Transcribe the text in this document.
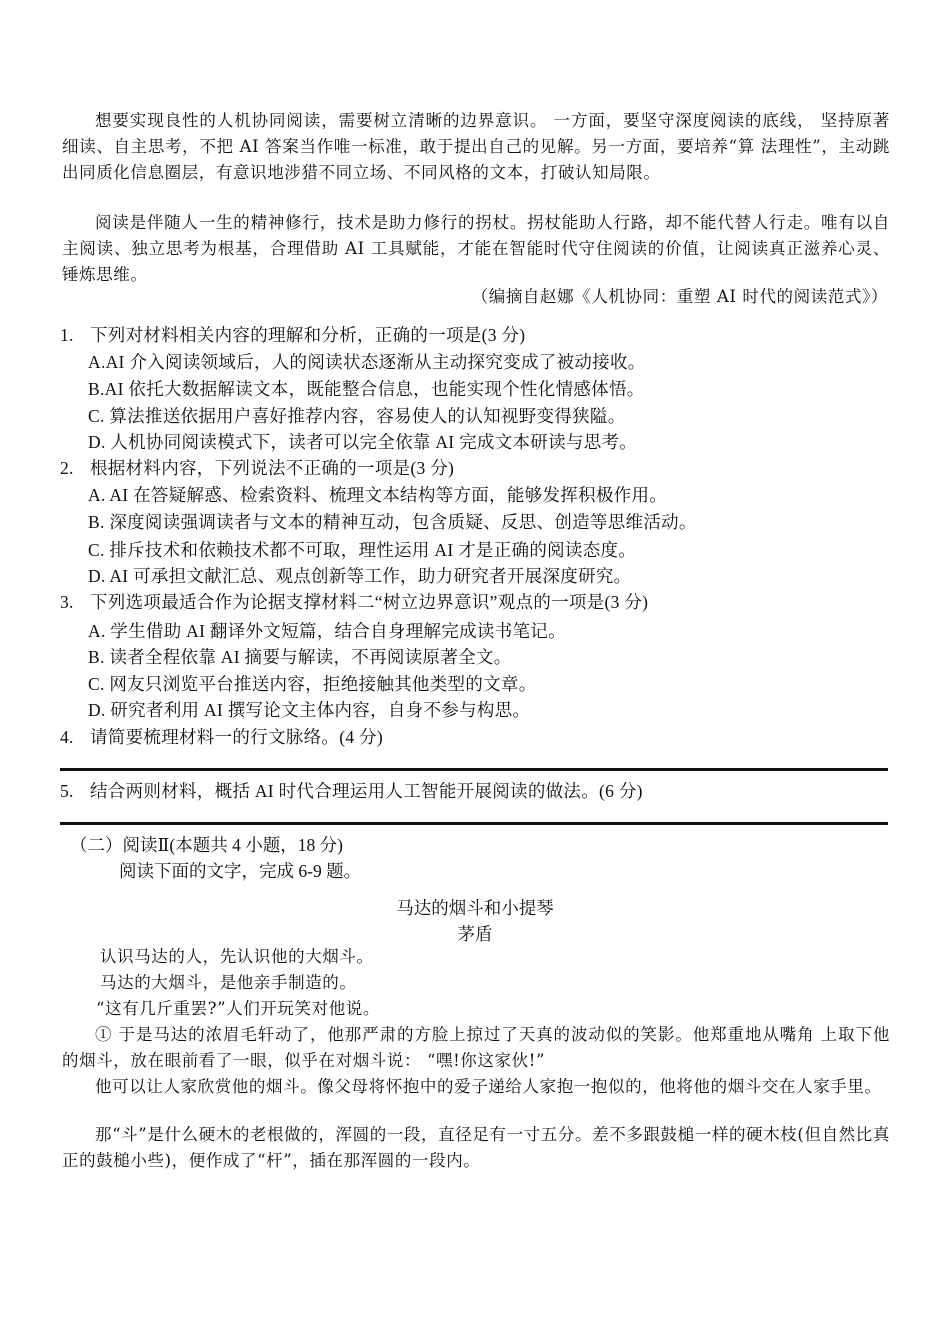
想要实现良性的人机协同阅读，需要树立清晰的边界意识。 一方面，要坚守深度阅读的底线， 坚持原著细读、自主思考，不把 AI 答案当作唯一标准，敢于提出自己的见解。另一方面，要培养“算 法理性”，主动跳出同质化信息圈层，有意识地涉猎不同立场、不同风格的文本，打破认知局限。
阅读是伴随人一生的精神修行，技术是助力修行的拐杖。拐杖能助人行路，却不能代替人行走。唯有以自主阅读、独立思考为根基，合理借助 AI 工具赋能，才能在智能时代守住阅读的价值，让阅读真正滋养心灵、锤炼思维。
（编摘自赵娜《人机协同：重塑 AI 时代的阅读范式》）
1. 下列对材料相关内容的理解和分析，正确的一项是(3 分)
A.AI 介入阅读领域后，人的阅读状态逐渐从主动探究变成了被动接收。
B.AI 依托大数据解读文本，既能整合信息，也能实现个性化情感体悟。
C. 算法推送依据用户喜好推荐内容，容易使人的认知视野变得狭隘。
D. 人机协同阅读模式下，读者可以完全依靠 AI 完成文本研读与思考。
2. 根据材料内容，下列说法不正确的一项是(3 分)
A. AI 在答疑解惑、检索资料、梳理文本结构等方面，能够发挥积极作用。
B. 深度阅读强调读者与文本的精神互动，包含质疑、反思、创造等思维活动。
C. 排斥技术和依赖技术都不可取，理性运用 AI 才是正确的阅读态度。
D. AI 可承担文献汇总、观点创新等工作，助力研究者开展深度研究。
3. 下列选项最适合作为论据支撑材料二“树立边界意识”观点的一项是(3 分)
A. 学生借助 AI 翻译外文短篇，结合自身理解完成读书笔记。
B. 读者全程依靠 AI 摘要与解读，不再阅读原著全文。
C. 网友只浏览平台推送内容，拒绝接触其他类型的文章。
D. 研究者利用 AI 撰写论文主体内容，自身不参与构思。
4. 请简要梳理材料一的行文脉络。(4 分)
5. 结合两则材料，概括 AI 时代合理运用人工智能开展阅读的做法。(6 分)
（二）阅读Ⅱ(本题共 4 小题，18 分)
阅读下面的文字，完成 6-9 题。
马达的烟斗和小提琴
茅盾
认识马达的人，先认识他的大烟斗。
马达的大烟斗，是他亲手制造的。
“这有几斤重罢?”人们开玩笑对他说。
① 于是马达的浓眉毛轩动了，他那严肃的方脸上掠过了天真的波动似的笑影。他郑重地从嘴角 上取下他的烟斗，放在眼前看了一眼，似乎在对烟斗说： “嘿!你这家伙!”
他可以让人家欣赏他的烟斗。像父母将怀抱中的爱子递给人家抱一抱似的，他将他的烟斗交在人家手里。
那“斗”是什么硬木的老根做的，浑圆的一段，直径足有一寸五分。差不多跟鼓槌一样的硬木枝(但自然比真正的鼓槌小些)，便作成了“杆”，插在那浑圆的一段内。
